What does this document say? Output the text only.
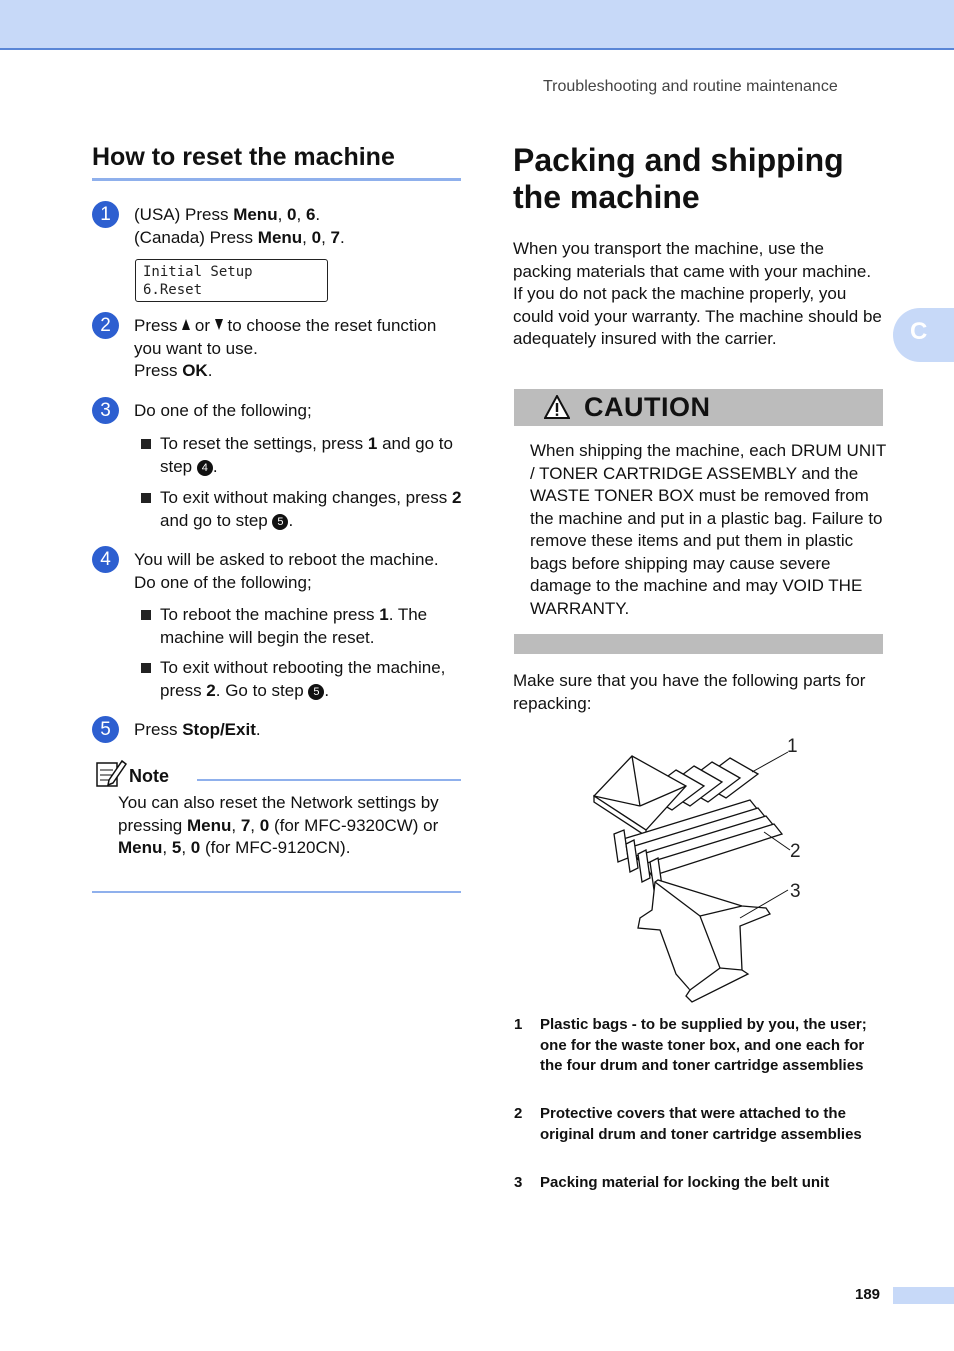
Troubleshooting and routine maintenance
How to reset the machine
1	(USA) Press Menu, 0, 6.
(Canada) Press Menu, 0, 7.
Initial Setup
6.Reset
2	Press  or  to choose the reset function you want to use.
Press OK.
3	Do one of the following;
To reset the settings, press 1 and go to step 4 .
To exit without making changes, press 2 and go to step 5 .
4	You will be asked to reboot the machine. Do one of the following;
To reboot the machine press 1. The machine will begin the reset.
To exit without rebooting the machine, press 2. Go to step 5 .
5	Press Stop/Exit.
Note
You can also reset the Network settings by pressing Menu, 7, 0 (for MFC-9320CW) or Menu, 5, 0 (for MFC-9120CN).
Packing and shipping the machine
When you transport the machine, use the packing materials that came with your machine. If you do not pack the machine properly, you could void your warranty. The machine should be adequately insured with the carrier.
CAUTION
When shipping the machine, each DRUM UNIT / TONER CARTRIDGE ASSEMBLY and the WASTE TONER BOX must be removed from the machine and put in a plastic bag. Failure to remove these items and put them in plastic bags before shipping may cause severe damage to the machine and may VOID THE WARRANTY.
Make sure that you have the following parts for repacking:
1
2
3
1 Plastic bags - to be supplied by you, the user; one for the waste toner box, and one each for the four drum and toner cartridge assemblies
2 Protective covers that were attached to the original drum and toner cartridge assemblies
3 Packing material for locking the belt unit
C
189
